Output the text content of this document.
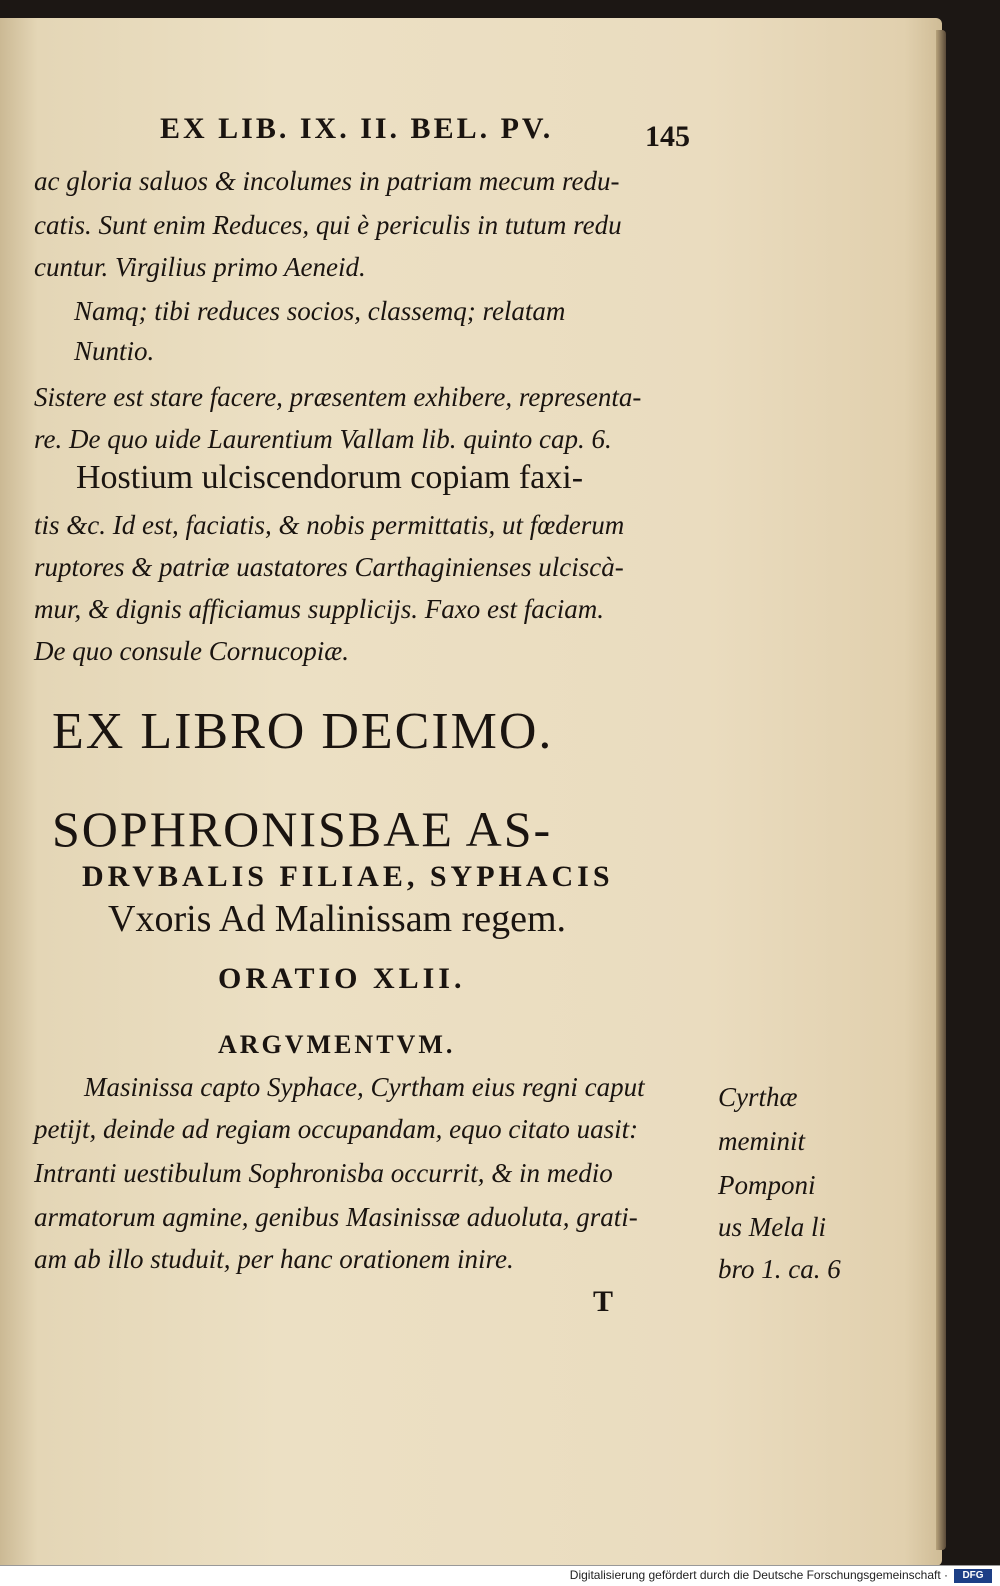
EX LIB. IX. II. BEL. PV.	145
ac gloria saluos & incolumes in patriam mecum redu-
catis. Sunt enim Reduces, qui è periculis in tutum redu
cuntur. Virgilius primo Aeneid.
Namq; tibi reduces socios, classemq; relatam
Nuntio.
Sistere est stare facere, præsentem exhibere, representa-
re. De quo uide Laurentium Vallam lib. quinto cap. 6.
Hostium ulciscendorum copiam faxi-
tis &c. Id est, faciatis, & nobis permittatis, ut fœderum
ruptores & patriæ uastatores Carthaginienses ulciscà-
mur, & dignis afficiamus supplicijs. Faxo est faciam.
De quo consule Cornucopiæ.
EX LIBRO DECIMO.
SOPHRONISBAE AS-
DRVBALIS FILIAE, SYPHACIS
Vxoris Ad Malinissam regem.
ORATIO XLII.
ARGVMENTVM.
Masinissa capto Syphace, Cyrtham eius regni caput
petijt, deinde ad regiam occupandam, equo citato uasit:
Intranti uestibulum Sophronisba occurrit, & in medio
armatorum agmine, genibus Masinissæ aduoluta, grati-
am ab illo studuit, per hanc orationem inire.
Cyrthæ
meminit
Pomponi
us Mela li
bro 1. ca. 6
T
Digitalisierung gefördert durch die Deutsche Forschungsgemeinschaft ·	DFG
